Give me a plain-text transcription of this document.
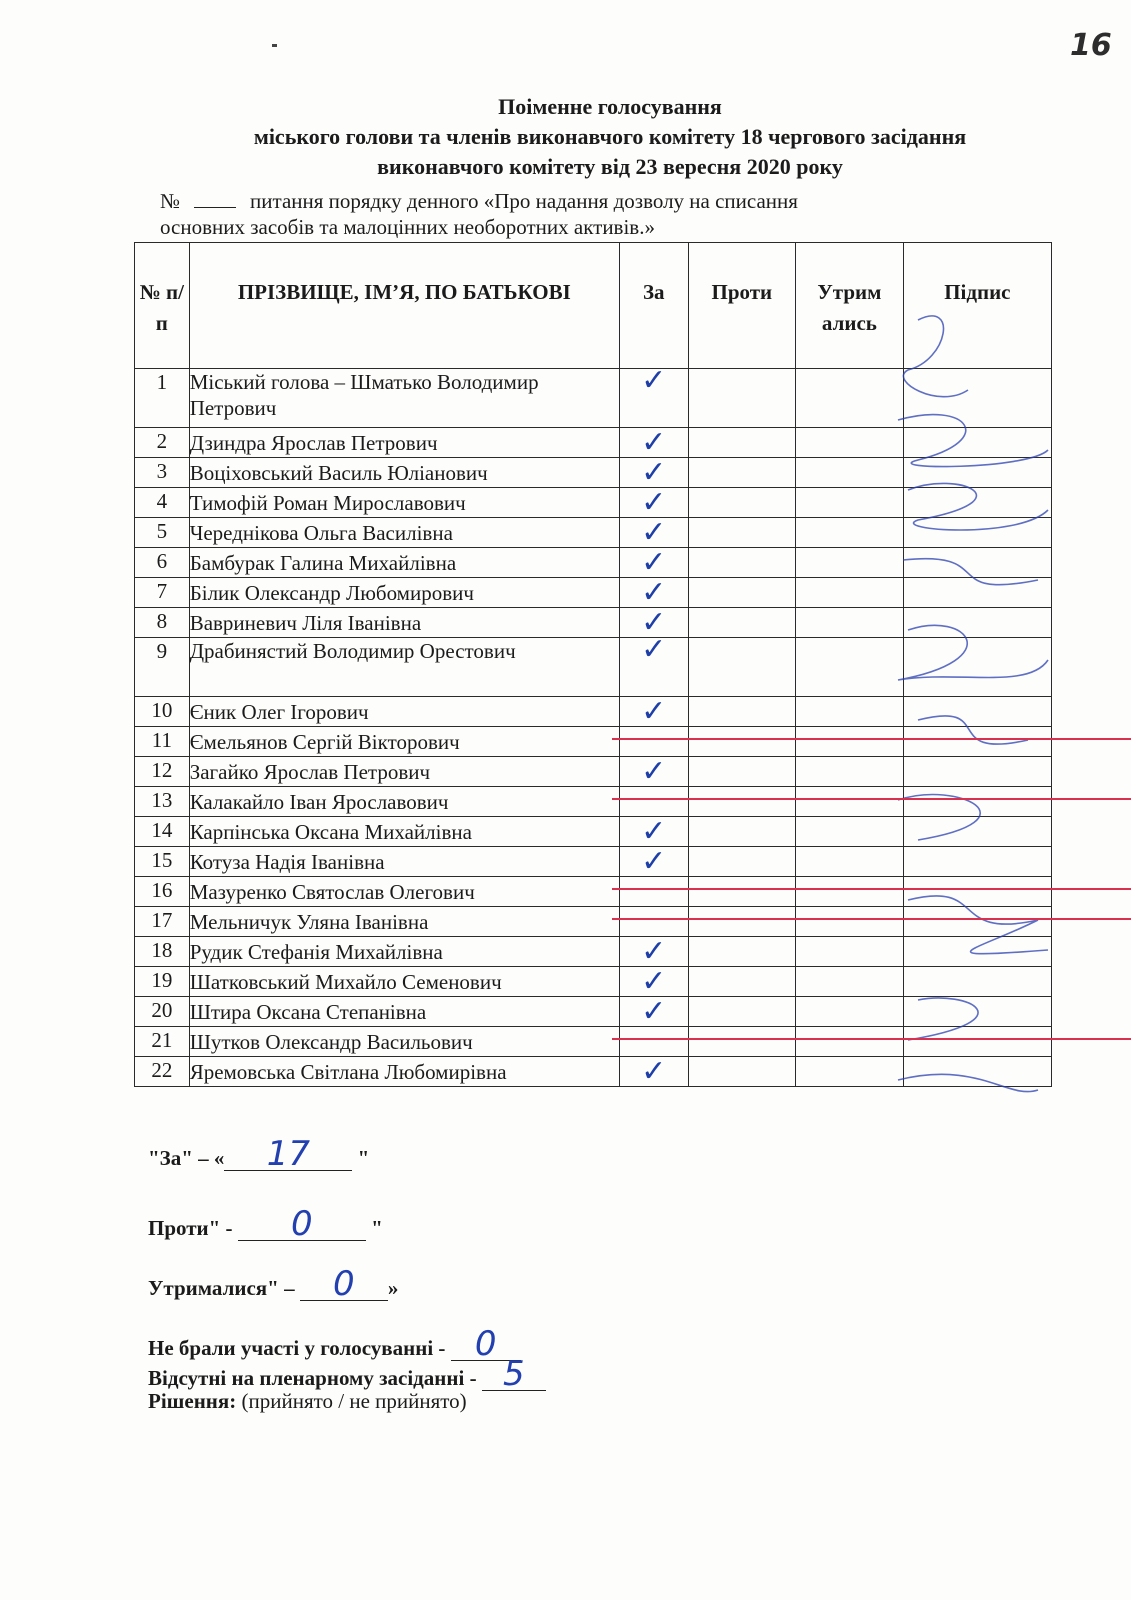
16
Поіменне голосування
міського голови та членів виконавчого комітету 18 чергового засідання
виконавчого комітету від 23 вересня 2020 року
№	питання порядку денного «Про надання дозволу на списання
основних засобів та малоцінних необоротних активів.»
№ п/ п	ПРІЗВИЩЕ, ІМ’Я, ПО БАТЬКОВІ	За	Проти	Утрим ались	Підпис
1	Міський голова – Шматько Володимир Петрович	✓			

2	Дзиндра Ярослав Петрович	✓			

3	Воціховський Василь Юліанович	✓			

4	Тимофій Роман Мирославович	✓			

5	Череднікова Ольга Василівна	✓			

6	Бамбурак Галина Михайлівна	✓			

7	Білик Олександр Любомирович	✓			

8	Вавриневич Ліля Іванівна	✓			

9	Драбинястий Володимир Орестович	✓			

10	Єник Олег Ігорович	✓			

11	Ємельянов Сергій Вікторович	

12	Загайко Ярослав Петрович	✓			

13	Калакайло Іван Ярославович	

14	Карпінська Оксана Михайлівна	✓			

15	Котуза Надія Іванівна	✓			

16	Мазуренко Святослав Олегович	

17	Мельничук Уляна Іванівна	

18	Рудик Стефанія Михайлівна	✓			

19	Шатковський Михайло Семенович	✓			

20	Штира Оксана Степанівна	✓			

21	Шутков Олександр Васильович	

22	Яремовська Світлана Любомирівна	✓			

"За" – « 17 "
Проти" - 0	"
Утрималися" – 0 »
Не брали участі у голосуванні - 0
Відсутні на пленарному засіданні - 5
Рішення: (прийнято / не прийнято)
